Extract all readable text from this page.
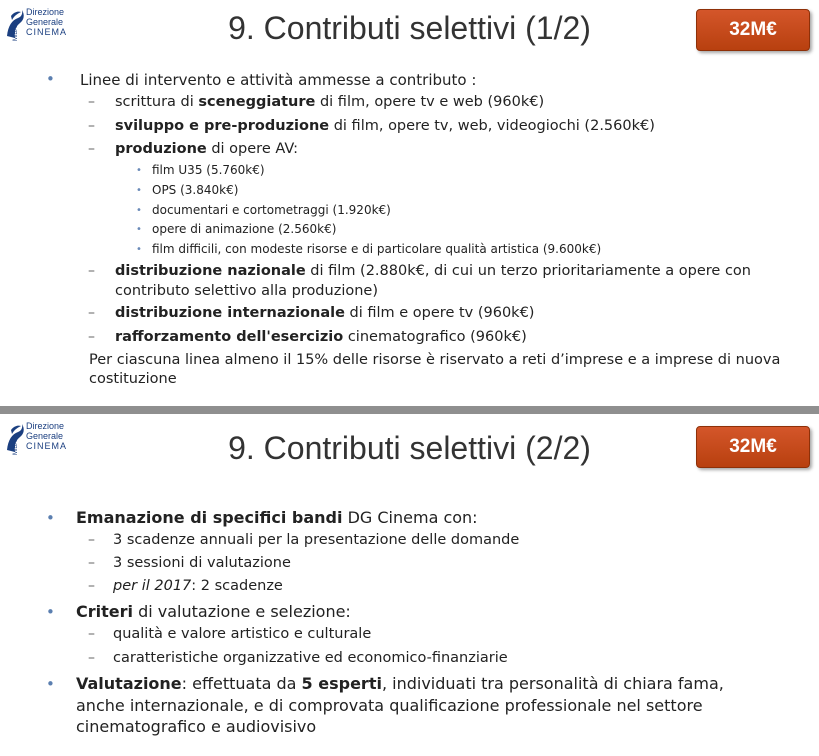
MiBAC
Direzione
Generale
CINEMA	9. Contributi selettivi (1/2)	32M€
• Linee di intervento e attività ammesse a contributo :
– scrittura di sceneggiature di film, opere tv e web (960k€)
– sviluppo e pre-produzione di film, opere tv, web, videogiochi (2.560k€)
– produzione di opere AV:
• film U35 (5.760k€)
• OPS (3.840k€)
• documentari e cortometraggi (1.920k€)
• opere di animazione (2.560k€)
• film difficili, con modeste risorse e di particolare qualità artistica (9.600k€)
– distribuzione nazionale di film (2.880k€, di cui un terzo prioritariamente a opere con
contributo selettivo alla produzione)
– distribuzione internazionale di film e opere tv (960k€)
– rafforzamento dell'esercizio cinematografico (960k€)
Per ciascuna linea almeno il 15% delle risorse è riservato a reti d’imprese e a imprese di nuova
costituzione
MiBAC
Direzione
Generale
CINEMA	9. Contributi selettivi (2/2)	32M€
• Emanazione di specifici bandi DG Cinema con:
– 3 scadenze annuali per la presentazione delle domande
– 3 sessioni di valutazione
– per il 2017: 2 scadenze
• Criteri di valutazione e selezione:
– qualità e valore artistico e culturale
– caratteristiche organizzative ed economico-finanziarie
• Valutazione: effettuata da 5 esperti, individuati tra personalità di chiara fama,
anche internazionale, e di comprovata qualificazione professionale nel settore
cinematografico e audiovisivo
